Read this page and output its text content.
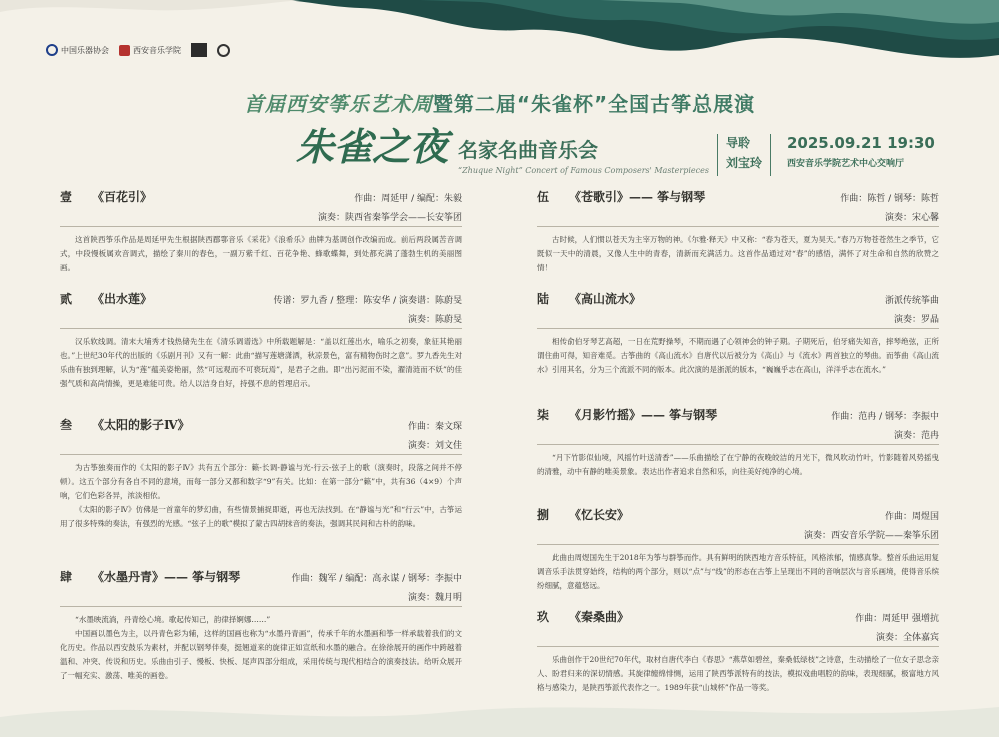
中国乐器协会	西安音乐学院
首届西安筝乐艺术周暨第二届“朱雀杯”全国古筝总展演
朱雀之夜 名家名曲音乐会
“Zhuque Night” Concert of Famous Composers' Masterpieces
导聆
刘宝玲
2025.09.21 19:30
西安音乐学院艺术中心交响厅
壹	《百花引》	作曲：周延甲 / 编配：朱毅
演奏：陕西省秦筝学会——长安筝团

这首陕西筝乐作品是周延甲先生根据陕西郿鄠音乐《采花》《浪希乐》曲牌为基调创作改编而成。前后两段属苦音调式，中段慢板属欢音调式，描绘了秦川的春色，一副万紫千红、百花争艳、蜂歌蝶舞，到处都充满了蓬勃生机的美丽图画。

贰	《出水莲》	传谱：罗九香 / 整理：陈安华 / 演奏谱：陈蔚旻
演奏：陈蔚旻

汉乐软线调。清末大埔秀才钱热储先生在《清乐调谱选》中所载题解是：“盖以红莲出水，喻乐之初奏，象征其艳丽也。”上世纪30年代的出版的《乐剧月刊》又有一解：此曲“描写莲塘潇洒，秋凉景色，富有精物伤时之意”。罗九香先生对乐曲有独到理解，认为“莲”蕴美姿艳丽，然“可远观而不可亵玩焉”，是君子之曲。即“出污泥而不染，濯清涟而不妖”的佳强气质和高尚情操，更是难能可贵。给人以洁身自好，持强不息的哲理启示。

叁	《太阳的影子Ⅳ》	作曲：秦文琛
演奏：刘文佳

为古筝独奏而作的《太阳的影子Ⅳ》共有五个部分：籁-长调-静谧与光-行云-弦子上的歌（演奏时，段落之间并不停顿）。这五个部分有各自不同的意境，而每一部分又都和数字“9”有关。比如：在第一部分“籁”中，共有36（4×9）个声响，它们色彩各异，浓淡相依。

《太阳的影子Ⅳ》仿佛是一首童年的梦幻曲，有些情景捕捉即逝，再也无法找到。在“静谧与光”和“行云”中，古筝运用了很多特殊的奏法，有强烈的光感。“弦子上的歌”模拟了蒙古四胡抹音的奏法，强调其民间和古朴的韵味。

肆	《水墨丹青》—— 筝与钢琴	作曲：魏军 / 编配：高永谋 / 钢琴：李振中
演奏：魏月明

“水墨映流淌，丹青绘心境。歌起传知己，韵律择婀娜……”

中国画以墨色为主，以丹青色彩为辅，这样的国画也称为“水墨丹青画”，传承千年的水墨画和筝一样承载着我们的文化历史。作品以西安鼓乐为素材，并配以钢琴伴奏，挺翘道来的旋律正如宣纸和水墨的融合。在徐徐展开的画作中跨越着温和、冲突、传说和历史。乐曲由引子、慢板、快板、尾声四部分组成，采用传统与现代相结合的演奏技法。给听众展开了一幅充实、激荡、唯美的画卷。

伍	《苍歌引》—— 筝与钢琴	作曲：陈哲 / 钢琴：陈哲
演奏：宋心馨

古时候，人们惯以苍天为主宰万物的神。《尔雅·释天》中又称：“春为苍天，夏为昊天。”春乃万物苍苍然生之季节，它既似一天中的清晨，又像人生中的青春，清新而充满活力。这首作品通过对“春”的感悟，满怀了对生命和自然的欣赞之情！

陆	《高山流水》	浙派传统筝曲
演奏：罗晶

相传俞伯牙琴艺高超，一日在荒野操琴，不期而遇了心领神会的钟子期。子期死后，伯牙痛失知音，摔琴绝弦，正所谓住曲可得，知音难觅。古筝曲的《高山流水》自唐代以后被分为《高山》与《流水》两首独立的琴曲。而筝曲《高山流水》引用其名，分为三个流派不同的版本。此次演的是浙派的版本，“巍巍乎志在高山，洋洋乎志在流水。”

柒	《月影竹摇》—— 筝与钢琴	作曲：范冉 / 钢琴：李振中
演奏：范冉

“月下竹影似仙境，风摇竹叶送清香”——乐曲描绘了在宁静的夜晚皎洁的月光下，微风吹动竹叶，竹影随着风势摇曳的清雅，动中有静的唯美景象。表达出作者追求自然和乐，向往美好纯净的心境。

捌	《忆长安》	作曲：周煜国
演奏：西安音乐学院——秦筝乐团

此曲由周煜国先生于2018年为筝与群筝而作。具有鲜明的陕西地方音乐特征，风格浓郁，情感真挚。整首乐曲运用复调音乐手法贯穿始终，结构的两个部分，则以“点”与“线”的形态在古筝上呈现出不同的音响层次与音乐画境，使得音乐缤纷细腻，意蕴悠远。

玖	《秦桑曲》	作曲：周延甲 强增抗
演奏：全体嘉宾

乐曲创作于20世纪70年代，取材自唐代李白《春思》“燕草如碧丝，秦桑低绿枝”之诗意，生动描绘了一位女子思念亲人、盼君归来的深切情感。其旋律缠绵悱恻，运用了陕西筝派特有的技法，模拟戏曲唱腔的韵味，表现细腻，极富地方风格与感染力，是陕西筝派代表作之一。1989年获“山城杯”作品一等奖。
